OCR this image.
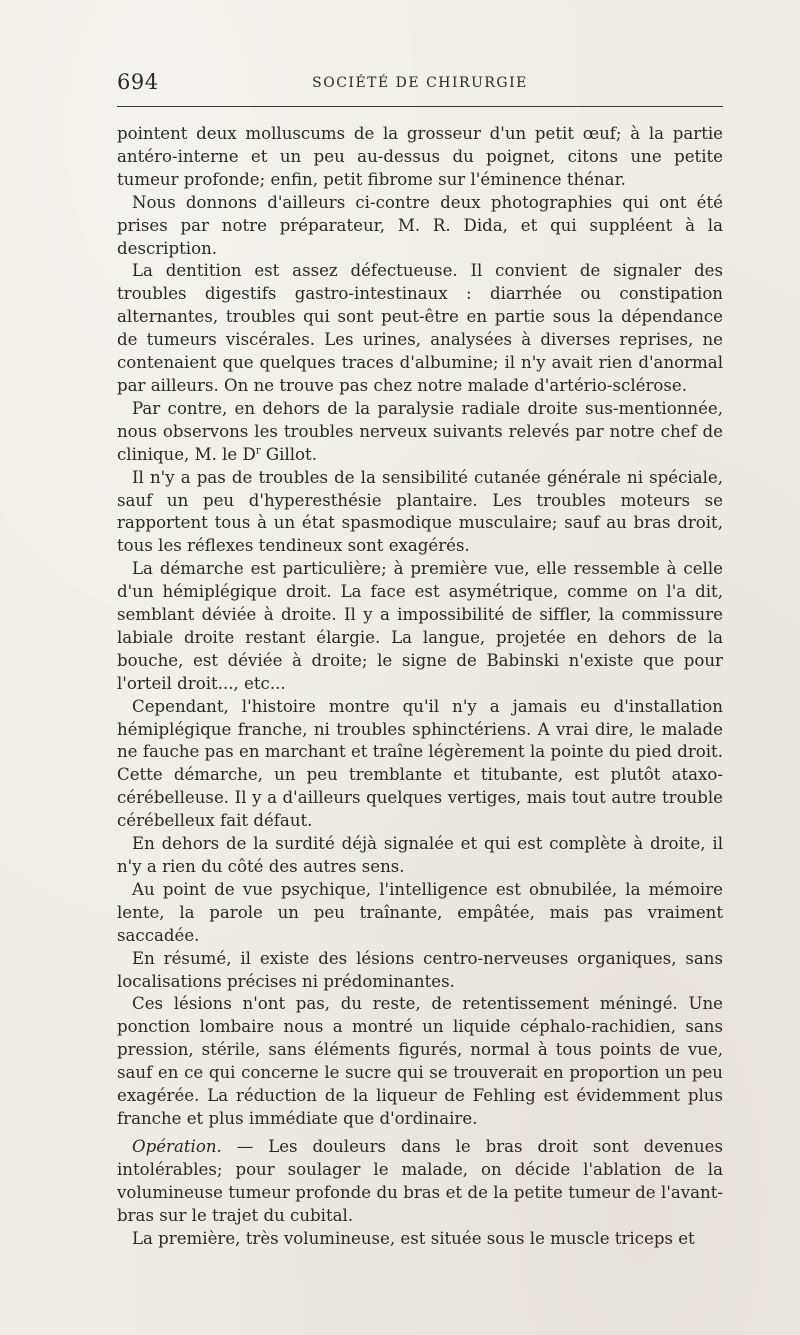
694	SOCIÉTÉ DE CHIRURGIE

pointent deux molluscums de la grosseur d'un petit œuf; à la partie antéro-interne et un peu au-dessus du poignet, citons une petite tumeur profonde; enfin, petit fibrome sur l'éminence thénar.

Nous donnons d'ailleurs ci-contre deux photographies qui ont été prises par notre préparateur, M. R. Dida, et qui suppléent à la description.

La dentition est assez défectueuse. Il convient de signaler des troubles digestifs gastro-intestinaux : diarrhée ou constipation alternantes, troubles qui sont peut-être en partie sous la dépendance de tumeurs viscérales. Les urines, analysées à diverses reprises, ne contenaient que quelques traces d'albumine; il n'y avait rien d'anormal par ailleurs. On ne trouve pas chez notre malade d'artério-sclérose.

Par contre, en dehors de la paralysie radiale droite sus-mentionnée, nous observons les troubles nerveux suivants relevés par notre chef de clinique, M. le $D^r$ Gillot.

Il n'y a pas de troubles de la sensibilité cutanée générale ni spéciale, sauf un peu d'hyperesthésie plantaire. Les troubles moteurs se rapportent tous à un état spasmodique musculaire; sauf au bras droit, tous les réflexes tendineux sont exagérés.

La démarche est particulière; à première vue, elle ressemble à celle d'un hémiplégique droit. La face est asymétrique, comme on l'a dit, semblant déviée à droite. Il y a impossibilité de siffler, la commissure labiale droite restant élargie. La langue, projetée en dehors de la bouche, est déviée à droite; le signe de Babinski n'existe que pour l'orteil droit..., etc...

Cependant, l'histoire montre qu'il n'y a jamais eu d'installation hémiplégique franche, ni troubles sphinctériens. A vrai dire, le malade ne fauche pas en marchant et traîne légèrement la pointe du pied droit. Cette démarche, un peu tremblante et titubante, est plutôt ataxo-cérébelleuse. Il y a d'ailleurs quelques vertiges, mais tout autre trouble cérébelleux fait défaut.

En dehors de la surdité déjà signalée et qui est complète à droite, il n'y a rien du côté des autres sens.

Au point de vue psychique, l'intelligence est obnubilée, la mémoire lente, la parole un peu traînante, empâtée, mais pas vraiment saccadée.

En résumé, il existe des lésions centro-nerveuses organiques, sans localisations précises ni prédominantes.

Ces lésions n'ont pas, du reste, de retentissement méningé. Une ponction lombaire nous a montré un liquide céphalo-rachidien, sans pression, stérile, sans éléments figurés, normal à tous points de vue, sauf en ce qui concerne le sucre qui se trouverait en proportion un peu exagérée. La réduction de la liqueur de Fehling est évidemment plus franche et plus immédiate que d'ordinaire.

Opération. — Les douleurs dans le bras droit sont devenues intolérables; pour soulager le malade, on décide l'ablation de la volumineuse tumeur profonde du bras et de la petite tumeur de l'avant-bras sur le trajet du cubital.

La première, très volumineuse, est située sous le muscle triceps et
